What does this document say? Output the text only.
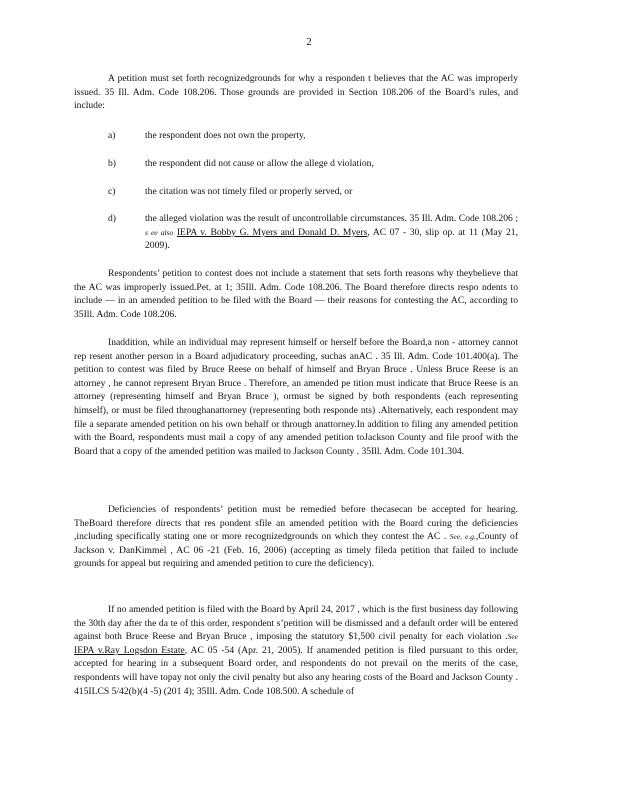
2

A petition must set forth recognizedgrounds for why a responden t believes that the AC was improperly issued. 35 Ill. Adm. Code 108.206. Those grounds are provided in Section 108.206 of the Board’s rules, and include:

a)	the respondent does not own the property,
b)	the respondent did not cause or allow the allege d violation,
c)	the citation was not timely filed or properly served, or
d)	the alleged violation was the result of uncontrollable circumstances. 35 Ill. Adm. Code 108.206 ; s ee also IEPA v. Bobby G. Myers and Donald D. Myers, AC 07 - 30, slip op. at 11 (May 21, 2009).

Respondents’ petition to contest does not include a statement that sets forth reasons why theybelieve that the AC was improperly issued.Pet. at 1; 35Ill. Adm. Code 108.206. The Board therefore directs respo ndents to include — in an amended petition to be filed with the Board — their reasons for contesting the AC, according to 35Ill. Adm. Code 108.206.

Inaddition, while an individual may represent himself or herself before the Board,a non - attorney cannot rep resent another person in a Board adjudicatory proceeding, suchas anAC . 35 Ill. Adm. Code 101.400(a). The petition to contest was filed by Bruce Reese on behalf of himself and Bryan Bruce . Unless Bruce Reese is an attorney , he cannot represent Bryan Bruce . Therefore, an amended pe tition must indicate that Bruce Reese is an attorney (representing himself and Bryan Bruce ), ormust be signed by both respondents (each representing himself), or must be filed throughanattorney (representing both responde nts) .Alternatively, each respondent may file a separate amended petition on his own behalf or through anattorney.In addition to filing any amended petition with the Board, respondents must mail a copy of any amended petition toJackson County and file proof with the Board that a copy of the amended petition was mailed to Jackson County . 35Ill. Adm. Code 101.304.

Deficiencies of respondents’ petition must be remedied before thecasecan be accepted for hearing. TheBoard therefore directs that res pondent sfile an amended petition with the Board curing the deficiencies ,including specifically stating one or more recognizedgrounds on which they contest the AC . See, e.g.,County of Jackson v. DanKimmel , AC 06 -21 (Feb. 16, 2006) (accepting as timely fileda petition that failed to include grounds for appeal but requiring and amended petition to cure the deficiency).

If no amended petition is filed with the Board by April 24, 2017 , which is the first business day following the 30th day after the da te of this order, respondent s’petition will be dismissed and a default order will be entered against both Bruce Reese and Bryan Bruce , imposing the statutory $1,500 civil penalty for each violation .See IEPA v.Ray Logsdon Estate, AC 05 -54 (Apr. 21, 2005). If anamended petition is filed pursuant to this order, accepted for hearing in a subsequent Board order, and respondents do not prevail on the merits of the case, respondents will have topay not only the civil penalty but also any hearing costs of the Board and Jackson County . 415ILCS 5/42(b)(4 -5) (201 4); 35Ill. Adm. Code 108.500. A schedule of
